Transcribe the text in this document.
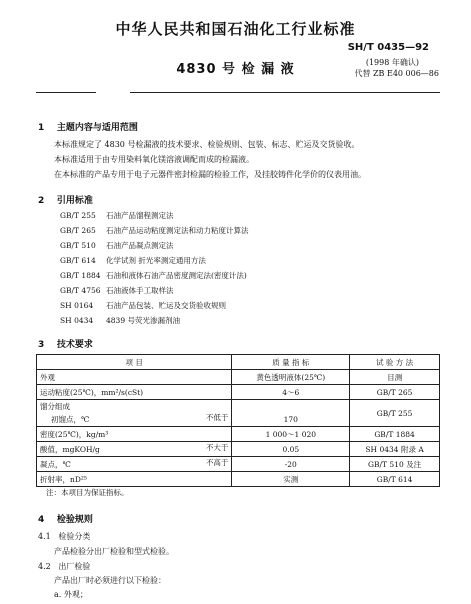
中华人民共和国石油化工行业标准
SH/T 0435—92
(1998 年确认)
4830 号 检 漏 液	代替 ZB E40 006—86
1 主题内容与适用范围
本标准规定了 4830 号检漏液的技术要求、检验规则、包装、标志、贮运及交货验收。
本标准适用于由专用染料氧化镁溶液调配而成的检漏液。
在本标准的产品专用于电子元器件密封检漏的检验工作，及挂胶铸件化学价的仪表用油。
2 引用标准
GB/T 255 石油产品馏程测定法
GB/T 265 石油产品运动粘度测定法和动力粘度计算法
GB/T 510 石油产品凝点测定法
GB/T 614 化学试剂 折光率测定通用方法
GB/T 1884 石油和液体石油产品密度测定法(密度计法)
GB/T 4756 石油液体手工取样法
SH 0164 石油产品包装、贮运及交货验收规则
SH 0434 4839 号荧光渗漏剂油
3 技术要求
项 目	质 量 指 标	试 验 方 法
外观	黄色透明液体(25℃)	目测
运动粘度(25℃)，mm²/s(cSt)	4～6	GB/T 265
馏分组成		GB/T 255
初馏点，℃ 不低于	170	
密度(25℃)，kg/m³	1 000～1 020	GB/T 1884
酸值，mgKOH/g 不大于	0.05	SH 0434 附录 A
凝点，℃ 不高于	-20	GB/T 510 及注
折射率，nD²⁵	实测	GB/T 614
注：本项目为保证指标。
4 检验规则
4.1 检验分类
产品检验分出厂检验和型式检验。
4.2 出厂检验
产品出厂时必须进行以下检验：
a. 外观；
